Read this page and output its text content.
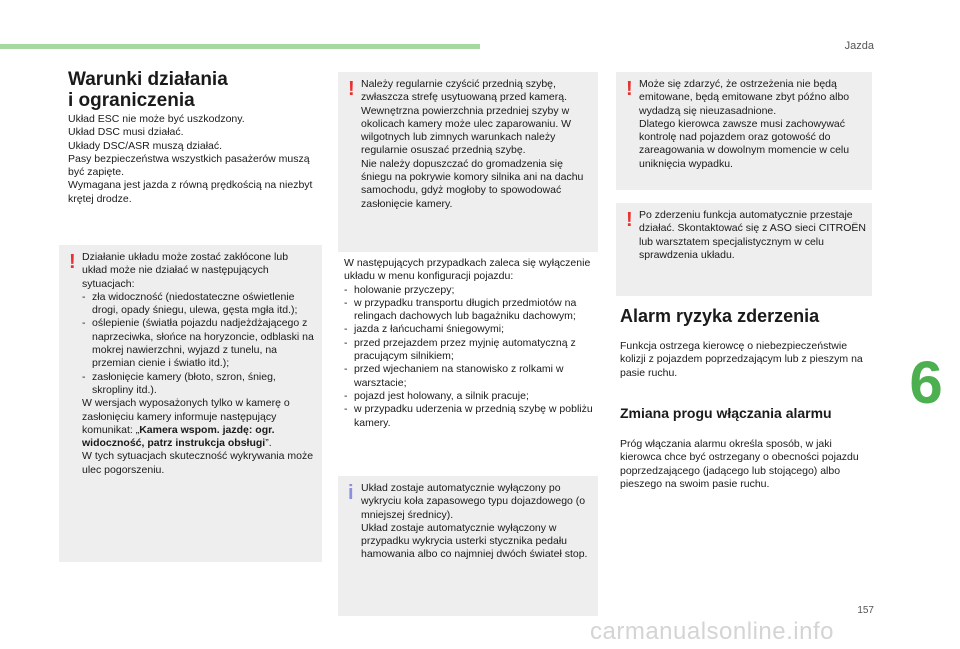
Jazda
6
157
carmanualsonline.info
Warunki działania
i ograniczenia

Układ ESC nie może być uszkodzony.

Układ DSC musi działać.

Układy DSC/ASR muszą działać.

Pasy bezpieczeństwa wszystkich pasażerów muszą być zapięte.

Wymagana jest jazda z równą prędkością na niezbyt krętej drodze.

! Działanie układu może zostać zakłócone lub układ może nie działać w następujących sytuacjach:

- zła widoczność (niedostateczne oświetlenie drogi, opady śniegu, ulewa, gęsta mgła itd.);
- oślepienie (światła pojazdu nadjeżdżającego z naprzeciwka, słońce na horyzoncie, odblaski na mokrej nawierzchni, wyjazd z tunelu, na przemian cienie i światło itd.);
- zasłonięcie kamery (błoto, szron, śnieg, skropliny itd.).

W wersjach wyposażonych tylko w kamerę o zasłonięciu kamery informuje następujący komunikat: „Kamera wspom. jazdę: ogr. widoczność, patrz instrukcja obsługi”.

W tych sytuacjach skuteczność wykrywania może ulec pogorszeniu.

! Należy regularnie czyścić przednią szybę, zwłaszcza strefę usytuowaną przed kamerą.

Wewnętrzna powierzchnia przedniej szyby w okolicach kamery może ulec zaparowaniu. W wilgotnych lub zimnych warunkach należy regularnie osuszać przednią szybę.

Nie należy dopuszczać do gromadzenia się śniegu na pokrywie komory silnika ani na dachu samochodu, gdyż mogłoby to spowodować zasłonięcie kamery.

W następujących przypadkach zaleca się wyłączenie układu w menu konfiguracji pojazdu:

- holowanie przyczepy;
- w przypadku transportu długich przedmiotów na relingach dachowych lub bagażniku dachowym;
- jazda z łańcuchami śniegowymi;
- przed przejazdem przez myjnię automatyczną z pracującym silnikiem;
- przed wjechaniem na stanowisko z rolkami w warsztacie;
- pojazd jest holowany, a silnik pracuje;
- w przypadku uderzenia w przednią szybę w pobliżu kamery.
i Układ zostaje automatycznie wyłączony po wykryciu koła zapasowego typu dojazdowego (o mniejszej średnicy).

Układ zostaje automatycznie wyłączony w przypadku wykrycia usterki stycznika pedału hamowania albo co najmniej dwóch świateł stop.

! Może się zdarzyć, że ostrzeżenia nie będą emitowane, będą emitowane zbyt późno albo wydadzą się nieuzasadnione.

Dlatego kierowca zawsze musi zachowywać kontrolę nad pojazdem oraz gotowość do zareagowania w dowolnym momencie w celu uniknięcia wypadku.

! Po zderzeniu funkcja automatycznie przestaje działać. Skontaktować się z ASO sieci CITROËN lub warsztatem specjalistycznym w celu sprawdzenia układu.

Alarm ryzyka zderzenia

Funkcja ostrzega kierowcę o niebezpieczeństwie kolizji z pojazdem poprzedzającym lub z pieszym na pasie ruchu.

Zmiana progu włączania alarmu

Próg włączania alarmu określa sposób, w jaki kierowca chce być ostrzegany o obecności pojazdu poprzedzającego (jadącego lub stojącego) albo pieszego na swoim pasie ruchu.
